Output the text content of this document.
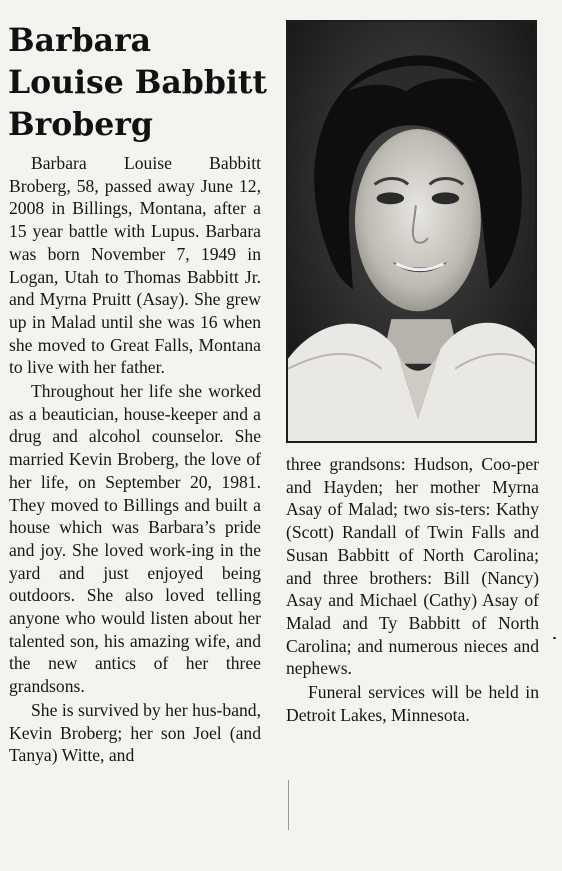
Barbara
Louise Babbitt
Broberg

Barbara Louise Babbitt Broberg, 58, passed away June 12, 2008 in Billings, Montana, after a 15 year battle with Lupus. Barbara was born November 7, 1949 in Logan, Utah to Thomas Babbitt Jr. and Myrna Pruitt (Asay). She grew up in Malad until she was 16 when she moved to Great Falls, Montana to live with her father.

Throughout her life she worked as a beautician, house-keeper and a drug and alcohol counselor. She married Kevin Broberg, the love of her life, on September 20, 1981. They moved to Billings and built a house which was Barbara’s pride and joy. She loved work-ing in the yard and just enjoyed being outdoors. She also loved telling anyone who would listen about her talented son, his amazing wife, and the new antics of her three grandsons.

She is survived by her hus-band, Kevin Broberg; her son Joel (and Tanya) Witte, and

three grandsons: Hudson, Coo-per and Hayden; her mother Myrna Asay of Malad; two sis-ters: Kathy (Scott) Randall of Twin Falls and Susan Babbitt of North Carolina; and three brothers: Bill (Nancy) Asay and Michael (Cathy) Asay of Malad and Ty Babbitt of North Carolina; and numerous nieces and nephews.

Funeral services will be held in Detroit Lakes, Minnesota.
